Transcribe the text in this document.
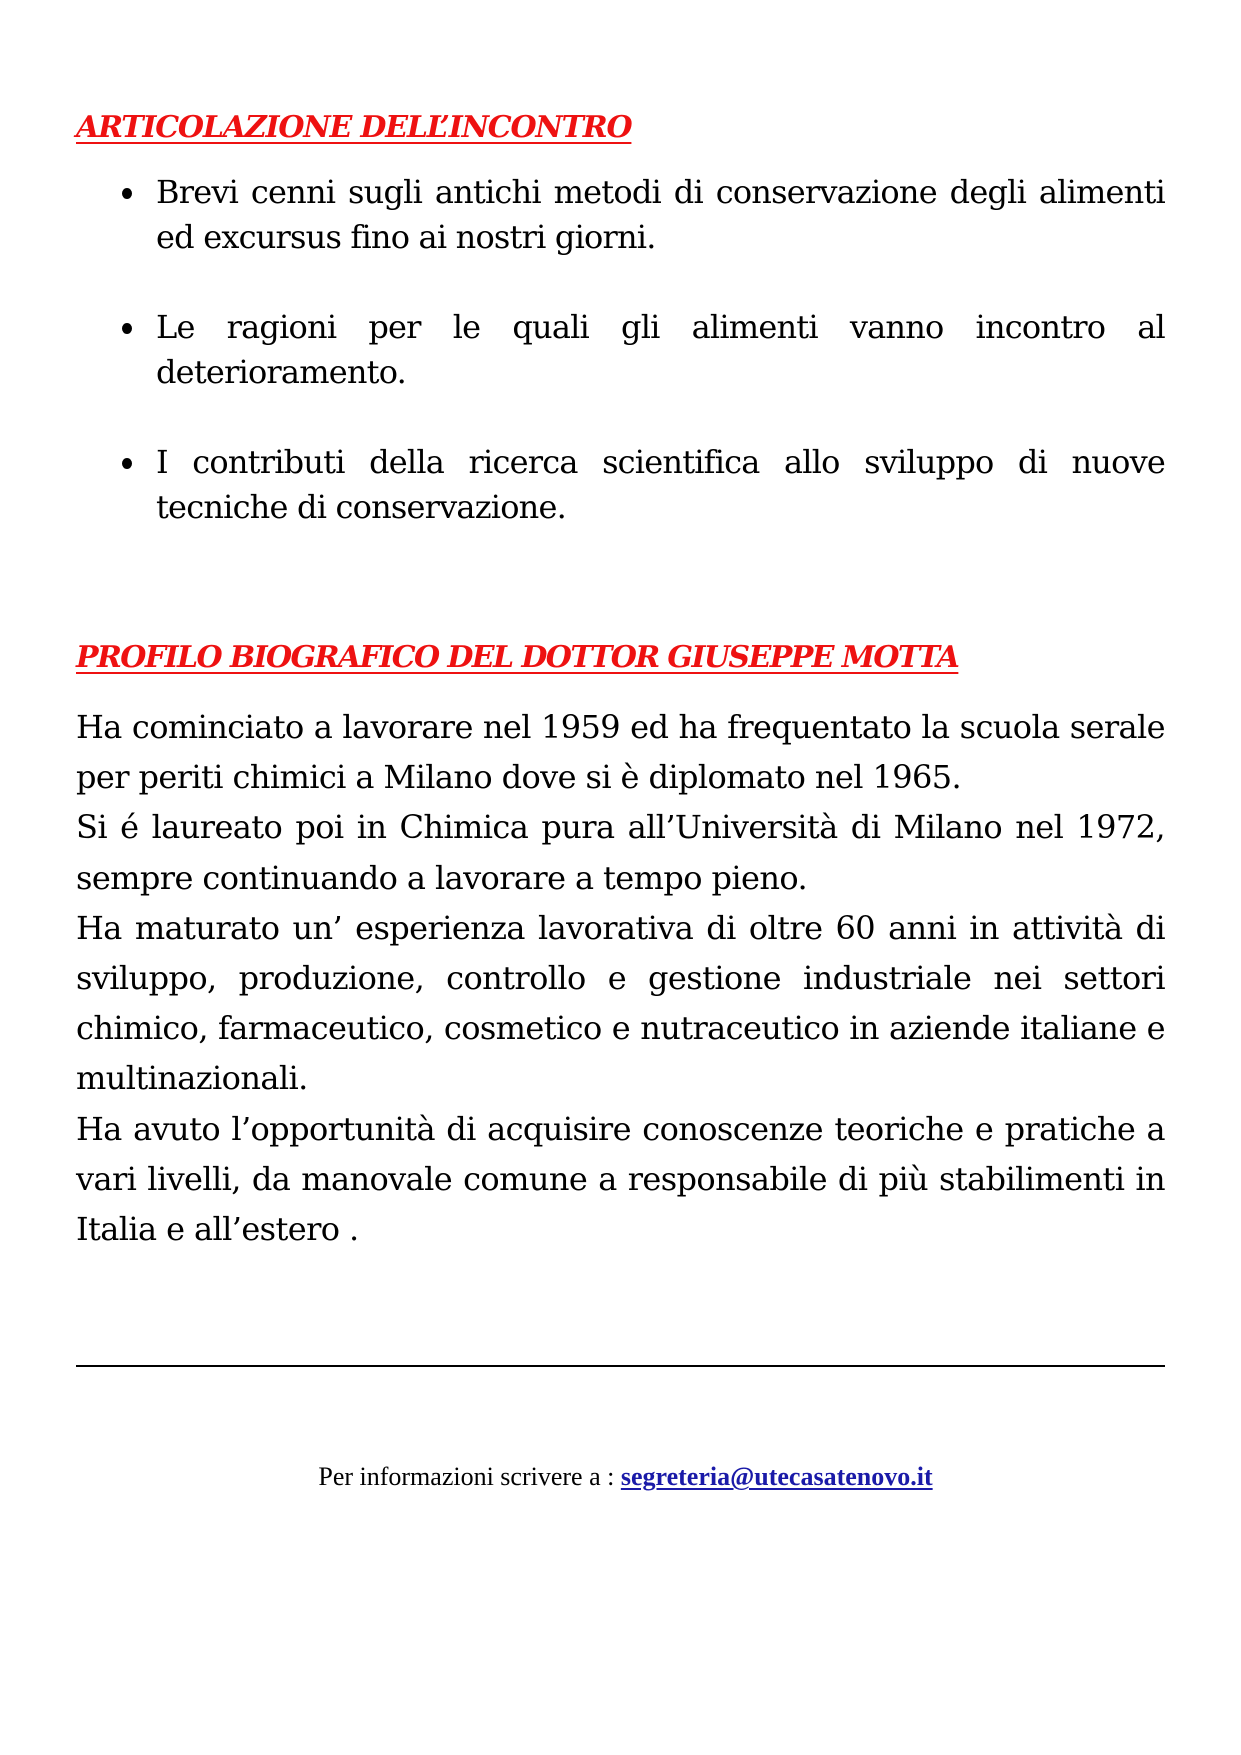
ARTICOLAZIONE DELL’INCONTRO
Brevi cenni sugli antichi metodi di conservazione degli alimenti ed excursus fino ai nostri giorni.
Le ragioni per le quali gli alimenti vanno incontro al deterioramento.
I contributi della ricerca scientifica allo sviluppo di nuove tecniche di conservazione.
PROFILO BIOGRAFICO DEL DOTTOR GIUSEPPE MOTTA

Ha cominciato a lavorare nel 1959 ed ha frequentato la scuola serale per periti chimici a Milano dove si è diplomato nel 1965.

Si é laureato poi in Chimica pura all’Università di Milano nel 1972, sempre continuando a lavorare a tempo pieno.

Ha maturato un’ esperienza lavorativa di oltre 60 anni in attività di sviluppo, produzione, controllo e gestione industriale nei settori chimico, farmaceutico, cosmetico e nutraceutico in aziende italiane e multinazionali.

Ha avuto l’opportunità di acquisire conoscenze teoriche e pratiche a vari livelli, da manovale comune a responsabile di più stabilimenti in Italia e all’estero .

Per informazioni scrivere a : segreteria@utecasatenovo.it
